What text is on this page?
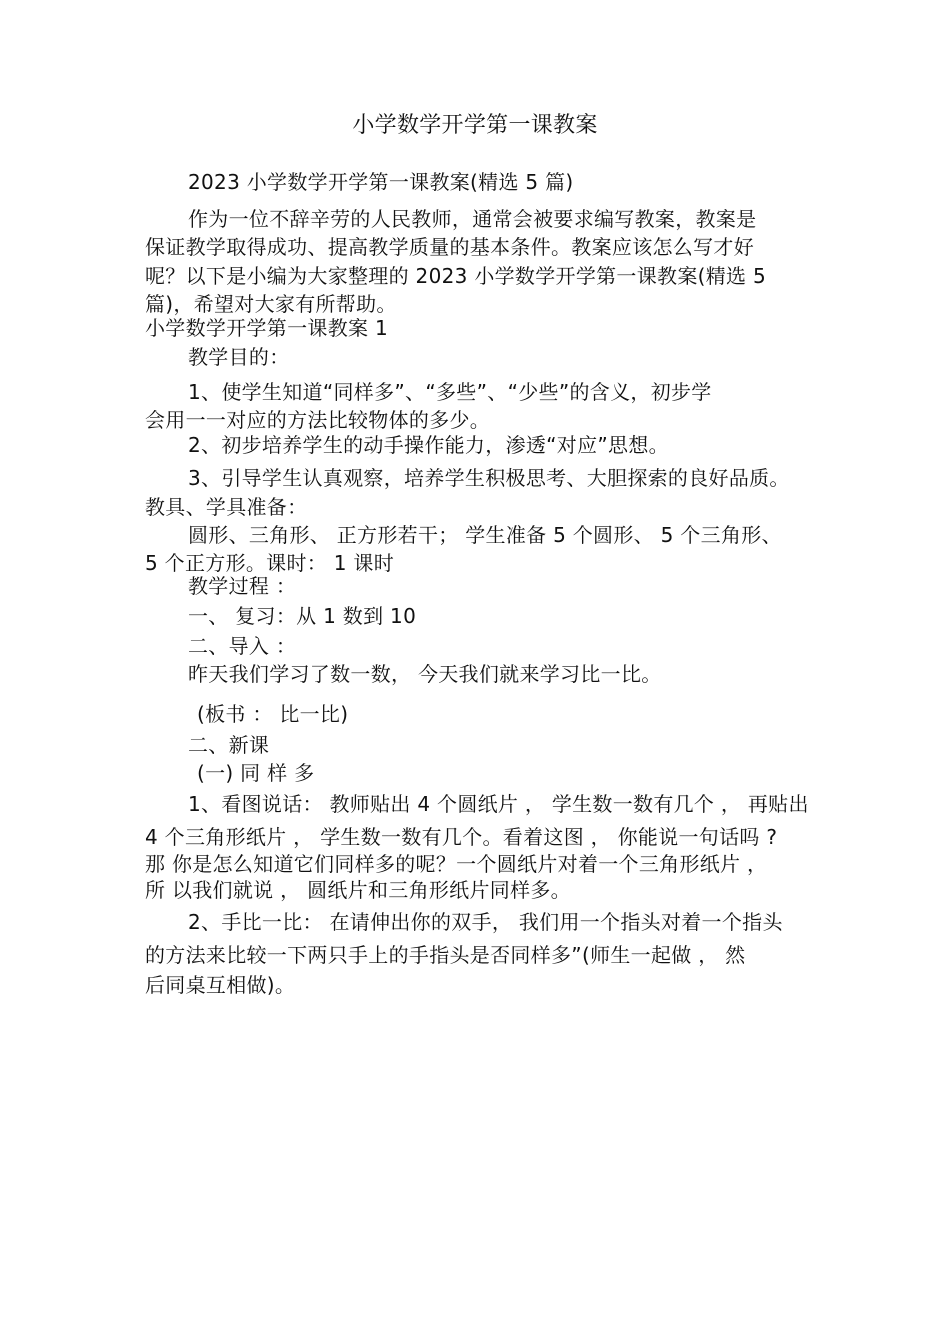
小学数学开学第一课教案
2023 小学数学开学第一课教案(精选 5 篇)
作为一位不辞辛劳的人民教师，通常会被要求编写教案，教案是
保证教学取得成功、提高教学质量的基本条件。教案应该怎么写才好
呢？以下是小编为大家整理的 2023 小学数学开学第一课教案(精选 5
篇)，希望对大家有所帮助。
小学数学开学第一课教案 1
教学目的：
1、使学生知道“同样多”、“多些”、“少些”的含义，初步学
会用一一对应的方法比较物体的多少。
2、初步培养学生的动手操作能力，渗透“对应”思想。
3、引导学生认真观察，培养学生积极思考、大胆探索的良好品质。
教具、学具准备：
圆形、三角形、 正方形若干； 学生准备 5 个圆形、 5 个三角形、
5 个正方形。课时： 1 课时
教学过程 ：
一、 复习：从 1 数到 10
二、导入 ：
昨天我们学习了数一数， 今天我们就来学习比一比。
(板书 ： 比一比)
二、新课
(一) 同 样 多
1、看图说话： 教师贴出 4 个圆纸片 ， 学生数一数有几个 ， 再贴出
4 个三角形纸片 ， 学生数一数有几个。看着这图 ， 你能说一句话吗 ?
那 你是怎么知道它们同样多的呢？一个圆纸片对着一个三角形纸片 ，
所 以我们就说 ， 圆纸片和三角形纸片同样多。
2、手比一比： 在请伸出你的双手， 我们用一个指头对着一个指头
的方法来比较一下两只手上的手指头是否同样多”(师生一起做 ， 然
后同桌互相做)。
